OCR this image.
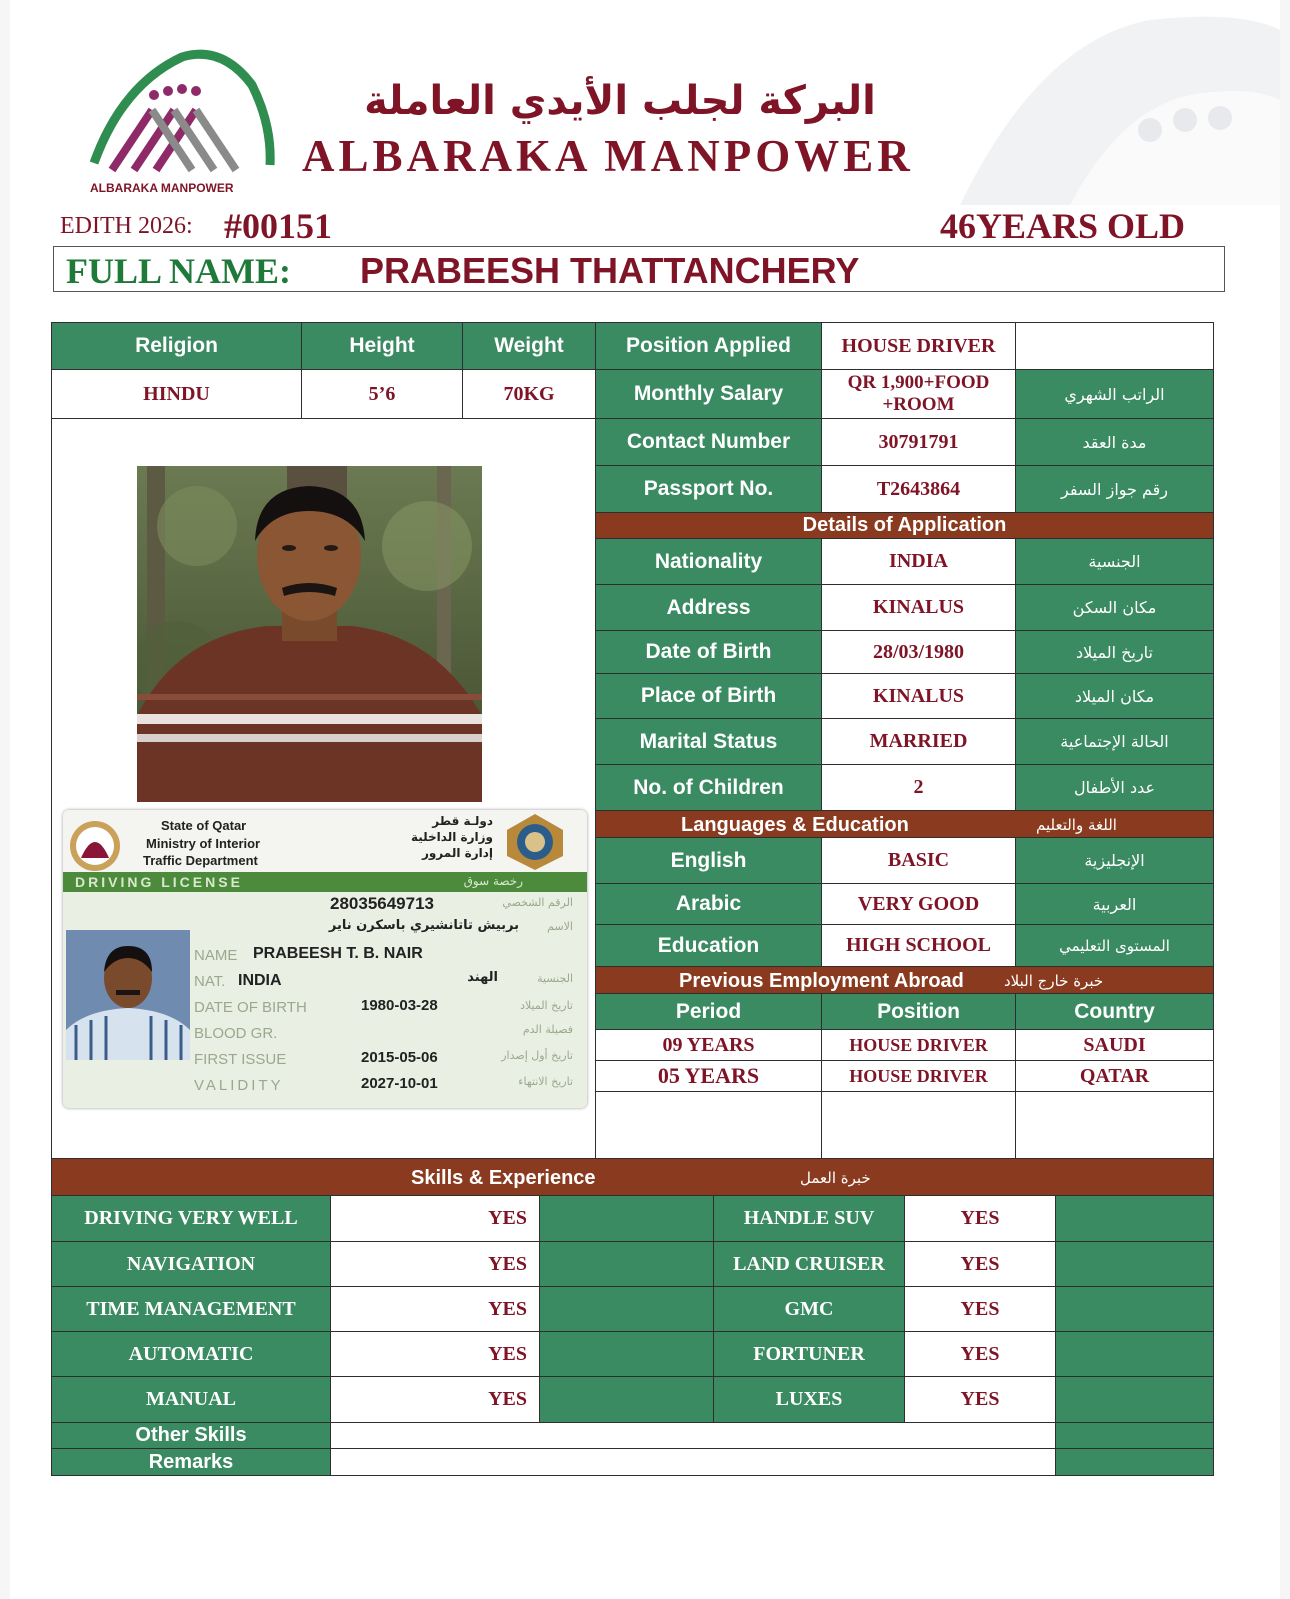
ALBARAKA MANPOWER
البركة لجلب الأيدي العاملة
ALBARAKA MANPOWER
EDITH 2026: #00151	46YEARS OLD
FULL NAME: PRABEESH THATTANCHERY
Religion	Height	Weight
HINDU	5’6	70KG
Position Applied	HOUSE DRIVER
Monthly Salary	QR 1,900+FOOD +ROOM	الراتب الشهري
Contact Number	30791791	مدة العقد
Passport No.	T2643864	رقم جواز السفر
Details of Application
Nationality	INDIA	الجنسية
Address	KINALUS	مكان السكن
Date of Birth	28/03/1980	تاريخ الميلاد
Place of Birth	KINALUS	مكان الميلاد
Marital Status	MARRIED	الحالة الإجتماعية
No. of Children	2	عدد الأطفال
Languages & Education	اللغة والتعليم
English	BASIC	الإنجليزية
Arabic	VERY GOOD	العربية
Education	HIGH SCHOOL	المستوى التعليمي
Previous Employment Abroad	خبرة خارج البلاد
Period	Position	Country
09 YEARS	HOUSE DRIVER	SAUDI
05 YEARS	HOUSE DRIVER	QATAR
State of Qatar
Ministry of Interior
Traffic Department
دولـة قطر
وزارة الداخلية
إدارة المرور
DRIVING LICENSE	رخصة سوق
28035649713	الرقم الشخصي
بربيش تاتانشيري باسكرن ناير	الاسم
NAME PRABEESH T. B. NAIR
NAT. INDIA	الهند	الجنسية
DATE OF BIRTH	1980-03-28	تاريخ الميلاد
BLOOD GR.	فصيلة الدم
FIRST ISSUE	2015-05-06	تاريخ أول إصدار
VALIDITY	2027-10-01	تاريخ الانتهاء
Skills & Experience	خبرة العمل
DRIVING VERY WELL	YES	HANDLE SUV	YES
NAVIGATION	YES	LAND CRUISER	YES
TIME MANAGEMENT	YES	GMC	YES
AUTOMATIC	YES	FORTUNER	YES
MANUAL	YES	LUXES	YES
Other Skills
Remarks
